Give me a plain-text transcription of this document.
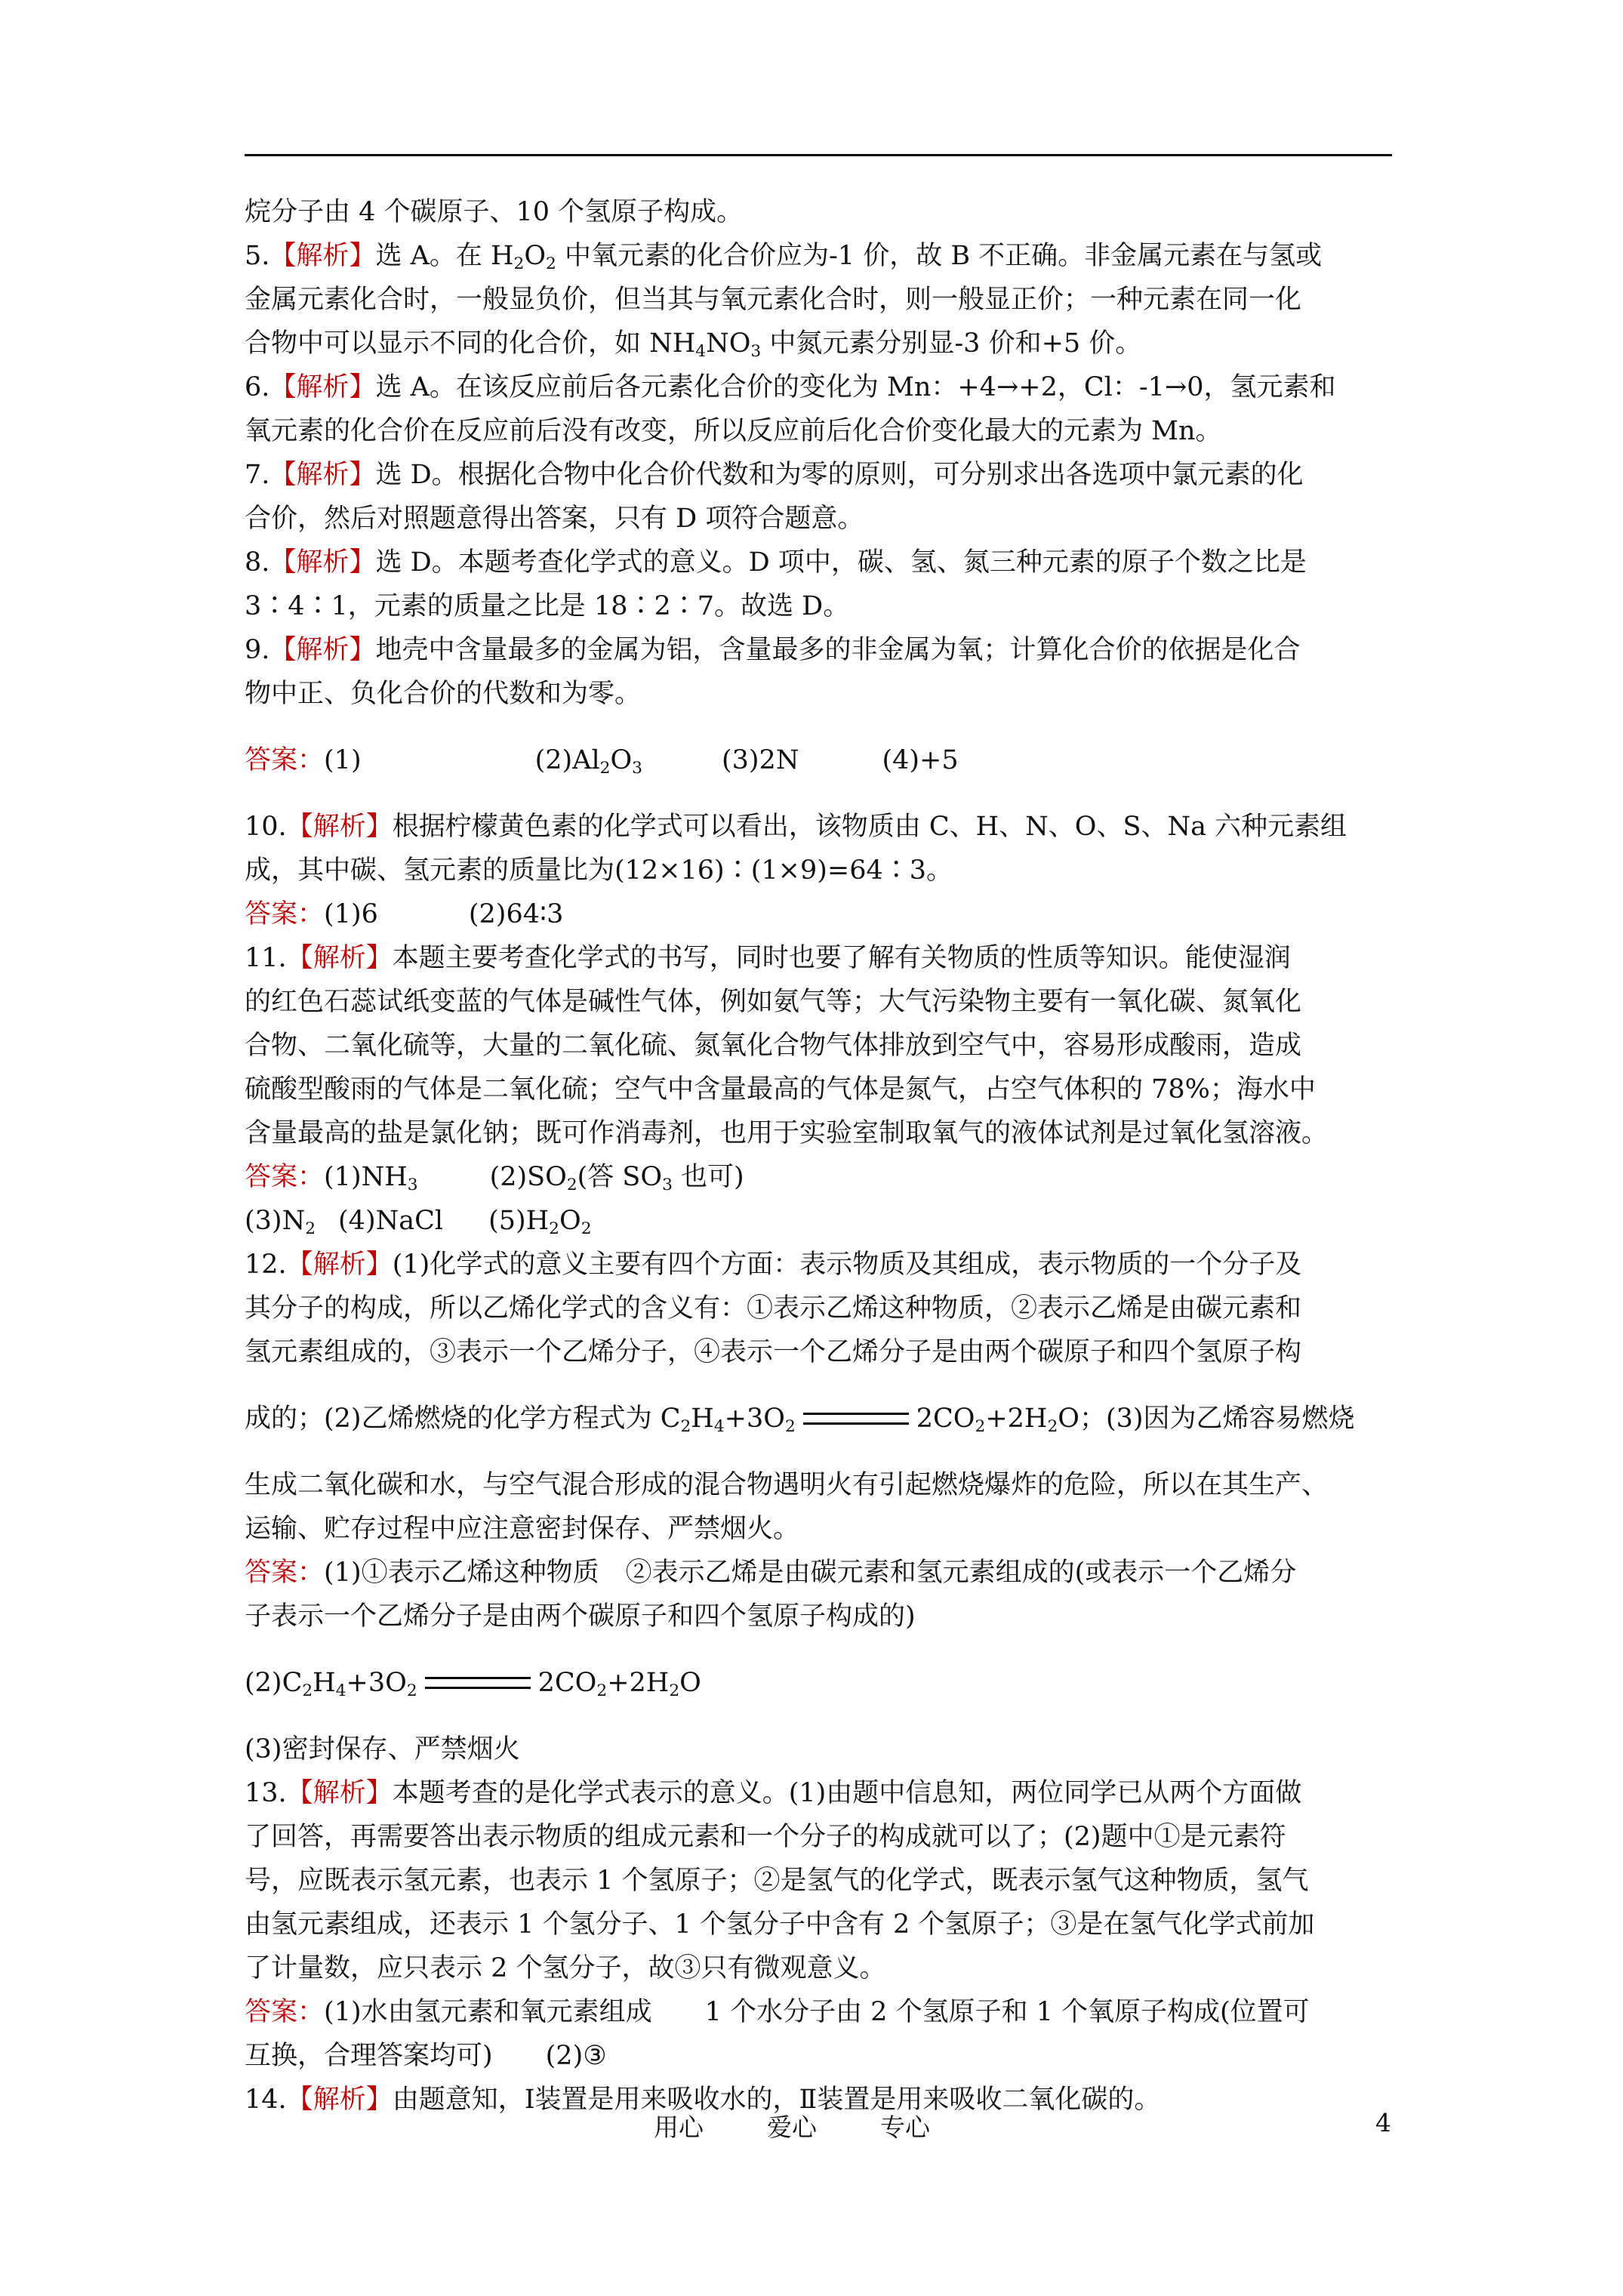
烷分子由 4 个碳原子、10 个氢原子构成。
5.【解析】选 A。在 $H_2O_2$ 中氧元素的化合价应为-1 价，故 B 不正确。非金属元素在与氢或
金属元素化合时，一般显负价，但当其与氧元素化合时，则一般显正价；一种元素在同一化
合物中可以显示不同的化合价，如 $NH_4NO_3$ 中氮元素分别显-3 价和+5 价。
6.【解析】选 A。在该反应前后各元素化合价的变化为 Mn：+4→+2，Cl：-1→0，氢元素和
氧元素的化合价在反应前后没有改变，所以反应前后化合价变化最大的元素为 Mn。
7.【解析】选 D。根据化合物中化合价代数和为零的原则，可分别求出各选项中氯元素的化
合价，然后对照题意得出答案，只有 D 项符合题意。
8.【解析】选 D。本题考查化学式的意义。D 项中，碳、氢、氮三种元素的原子个数之比是
3∶4∶1，元素的质量之比是 18∶2∶7。故选 D。
9.【解析】地壳中含量最多的金属为铝，含量最多的非金属为氧；计算化合价的依据是化合
物中正、负化合价的代数和为零。
答案：(1)	$(2)Al_2O_3$	(3)2N	(4)+5
10.【解析】根据柠檬黄色素的化学式可以看出，该物质由 C、H、N、O、S、Na 六种元素组
成，其中碳、氢元素的质量比为(12×16)∶(1×9)=64∶3。
答案：(1)6	(2)64∶3
11.【解析】本题主要考查化学式的书写，同时也要了解有关物质的性质等知识。能使湿润
的红色石蕊试纸变蓝的气体是碱性气体，例如氨气等；大气污染物主要有一氧化碳、氮氧化
合物、二氧化硫等，大量的二氧化硫、氮氧化合物气体排放到空气中，容易形成酸雨，造成
硫酸型酸雨的气体是二氧化硫；空气中含量最高的气体是氮气，占空气体积的 78%；海水中
含量最高的盐是氯化钠；既可作消毒剂，也用于实验室制取氧气的液体试剂是过氧化氢溶液。
答案：$(1)NH_3$	$(2)SO_2$(答 $SO_3$ 也可)
$(3)N_2$ (4)NaCl $(5)H_2O_2$
12.【解析】(1)化学式的意义主要有四个方面：表示物质及其组成，表示物质的一个分子及
其分子的构成，所以乙烯化学式的含义有：①表示乙烯这种物质，②表示乙烯是由碳元素和
氢元素组成的，③表示一个乙烯分子，④表示一个乙烯分子是由两个碳原子和四个氢原子构
成的；(2)乙烯燃烧的化学方程式为 $C_2H_4+3O_2$	$2CO_2+2H_2O$；(3)因为乙烯容易燃烧
生成二氧化碳和水，与空气混合形成的混合物遇明火有引起燃烧爆炸的危险，所以在其生产、
运输、贮存过程中应注意密封保存、严禁烟火。
答案：(1)①表示乙烯这种物质　②表示乙烯是由碳元素和氢元素组成的(或表示一个乙烯分
子表示一个乙烯分子是由两个碳原子和四个氢原子构成的)
$(2)C_2H_4+3O_2$	$2CO_2+2H_2O$
(3)密封保存、严禁烟火
13.【解析】本题考查的是化学式表示的意义。(1)由题中信息知，两位同学已从两个方面做
了回答，再需要答出表示物质的组成元素和一个分子的构成就可以了；(2)题中①是元素符
号，应既表示氢元素，也表示 1 个氢原子；②是氢气的化学式，既表示氢气这种物质，氢气
由氢元素组成，还表示 1 个氢分子、1 个氢分子中含有 2 个氢原子；③是在氢气化学式前加
了计量数，应只表示 2 个氢分子，故③只有微观意义。
答案：(1)水由氢元素和氧元素组成　　1 个水分子由 2 个氢原子和 1 个氧原子构成(位置可
互换，合理答案均可) (2)③
14.【解析】由题意知，Ⅰ装置是用来吸收水的，Ⅱ装置是用来吸收二氧化碳的。
用心	爱心	专心	4
